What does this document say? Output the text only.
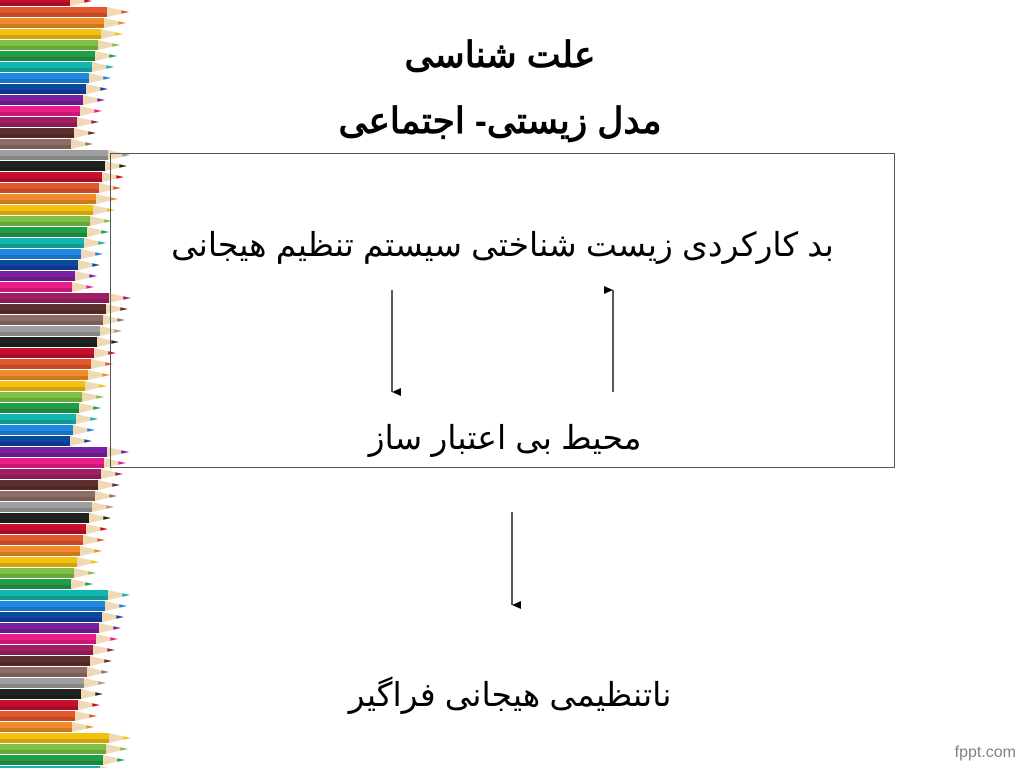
علت شناسی
مدل زیستی- اجتماعی
بد کارکردی زیست شناختی سیستم تنظیم هیجانی
محیط بی اعتبار ساز
ناتنظیمی هیجانی فراگیر
fppt.com
